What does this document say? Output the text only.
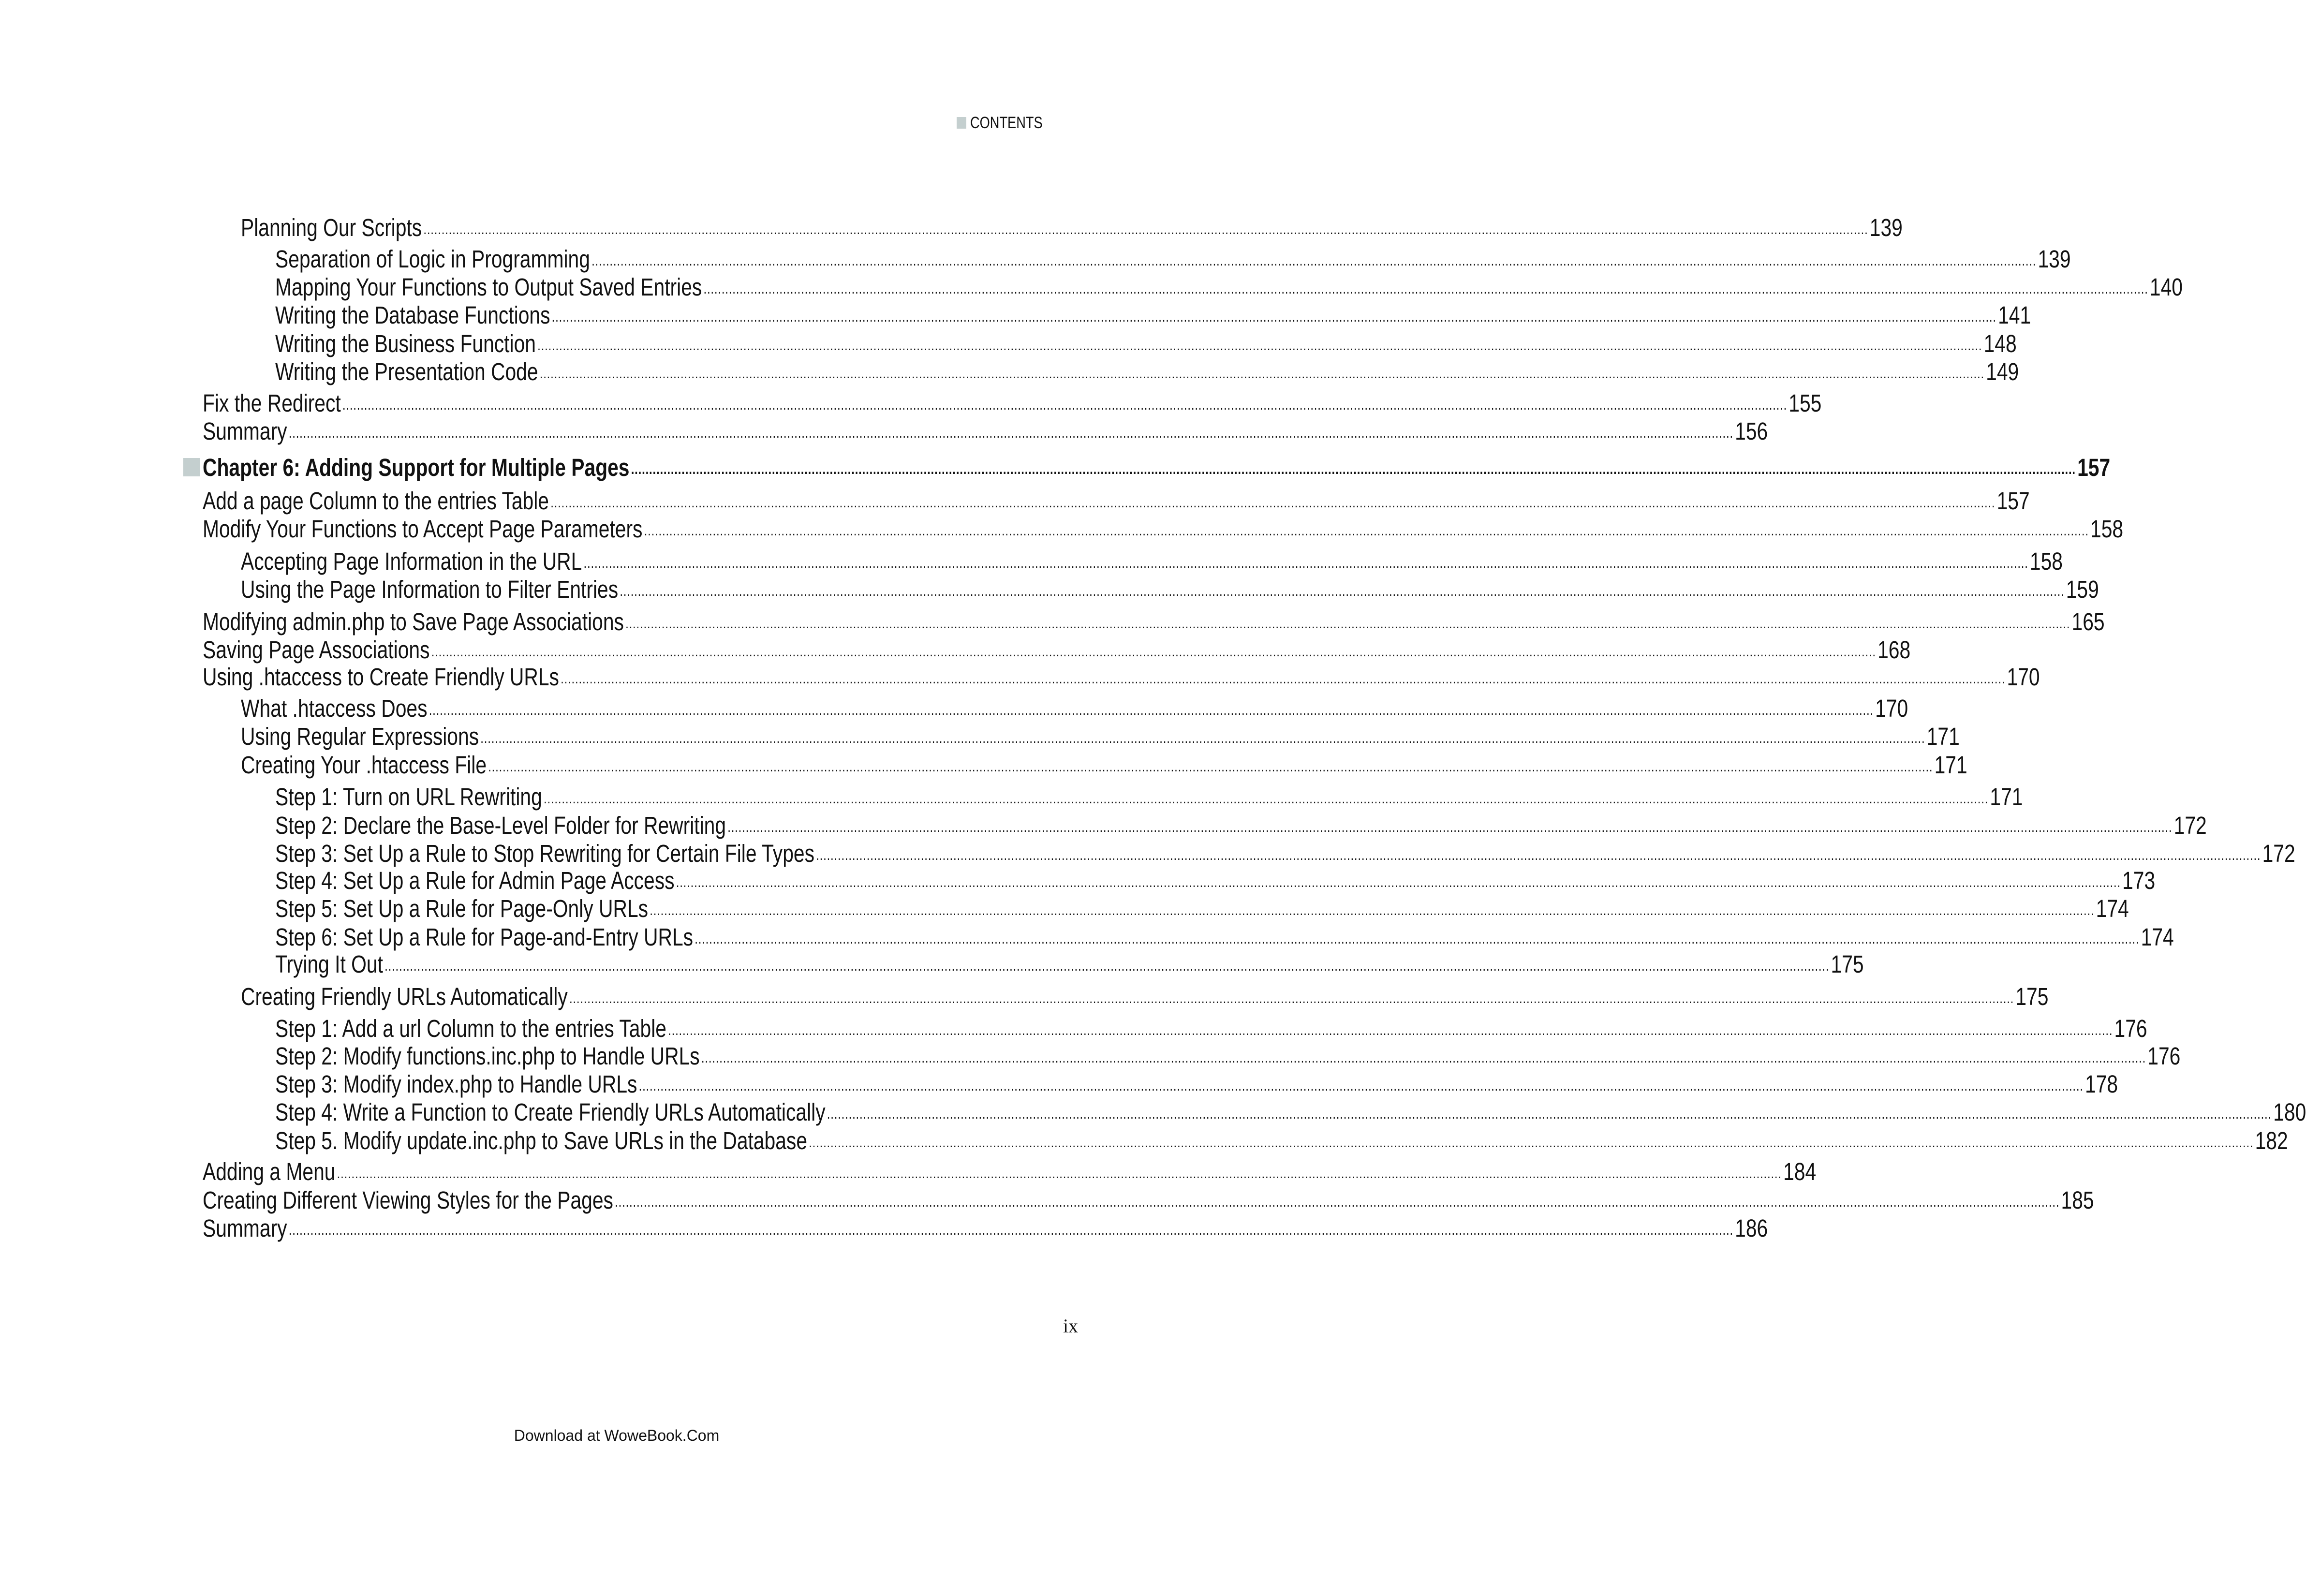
CONTENTS
Planning Our Scripts ................................................................................................................................................................................................................................................................................................................................................................................................................ 139
Separation of Logic in Programming ................................................................................................................................................................................................................................................................................................................................................................................................................ 139
Mapping Your Functions to Output Saved Entries ................................................................................................................................................................................................................................................................................................................................................................................................................ 140
Writing the Database Functions ................................................................................................................................................................................................................................................................................................................................................................................................................ 141
Writing the Business Function ................................................................................................................................................................................................................................................................................................................................................................................................................ 148
Writing the Presentation Code ................................................................................................................................................................................................................................................................................................................................................................................................................ 149
Fix the Redirect ................................................................................................................................................................................................................................................................................................................................................................................................................ 155
Summary ................................................................................................................................................................................................................................................................................................................................................................................................................ 156
Chapter 6: Adding Support for Multiple Pages ................................................................................................................................................................................................................................................................................................................................................................................................................ 157
Add a page Column to the entries Table ................................................................................................................................................................................................................................................................................................................................................................................................................ 157
Modify Your Functions to Accept Page Parameters ................................................................................................................................................................................................................................................................................................................................................................................................................ 158
Accepting Page Information in the URL ................................................................................................................................................................................................................................................................................................................................................................................................................ 158
Using the Page Information to Filter Entries ................................................................................................................................................................................................................................................................................................................................................................................................................ 159
Modifying admin.php to Save Page Associations ................................................................................................................................................................................................................................................................................................................................................................................................................ 165
Saving Page Associations ................................................................................................................................................................................................................................................................................................................................................................................................................ 168
Using .htaccess to Create Friendly URLs ................................................................................................................................................................................................................................................................................................................................................................................................................ 170
What .htaccess Does ................................................................................................................................................................................................................................................................................................................................................................................................................ 170
Using Regular Expressions ................................................................................................................................................................................................................................................................................................................................................................................................................ 171
Creating Your .htaccess File ................................................................................................................................................................................................................................................................................................................................................................................................................ 171
Step 1: Turn on URL Rewriting ................................................................................................................................................................................................................................................................................................................................................................................................................ 171
Step 2: Declare the Base-Level Folder for Rewriting ................................................................................................................................................................................................................................................................................................................................................................................................................ 172
Step 3: Set Up a Rule to Stop Rewriting for Certain File Types ................................................................................................................................................................................................................................................................................................................................................................................................................ 172
Step 4: Set Up a Rule for Admin Page Access ................................................................................................................................................................................................................................................................................................................................................................................................................ 173
Step 5: Set Up a Rule for Page-Only URLs ................................................................................................................................................................................................................................................................................................................................................................................................................ 174
Step 6: Set Up a Rule for Page-and-Entry URLs ................................................................................................................................................................................................................................................................................................................................................................................................................ 174
Trying It Out ................................................................................................................................................................................................................................................................................................................................................................................................................ 175
Creating Friendly URLs Automatically ................................................................................................................................................................................................................................................................................................................................................................................................................ 175
Step 1: Add a url Column to the entries Table ................................................................................................................................................................................................................................................................................................................................................................................................................ 176
Step 2: Modify functions.inc.php to Handle URLs ................................................................................................................................................................................................................................................................................................................................................................................................................ 176
Step 3: Modify index.php to Handle URLs ................................................................................................................................................................................................................................................................................................................................................................................................................ 178
Step 4: Write a Function to Create Friendly URLs Automatically ................................................................................................................................................................................................................................................................................................................................................................................................................ 180
Step 5. Modify update.inc.php to Save URLs in the Database ................................................................................................................................................................................................................................................................................................................................................................................................................ 182
Adding a Menu ................................................................................................................................................................................................................................................................................................................................................................................................................ 184
Creating Different Viewing Styles for the Pages ................................................................................................................................................................................................................................................................................................................................................................................................................ 185
Summary ................................................................................................................................................................................................................................................................................................................................................................................................................ 186
ix
Download at WoweBook.Com
